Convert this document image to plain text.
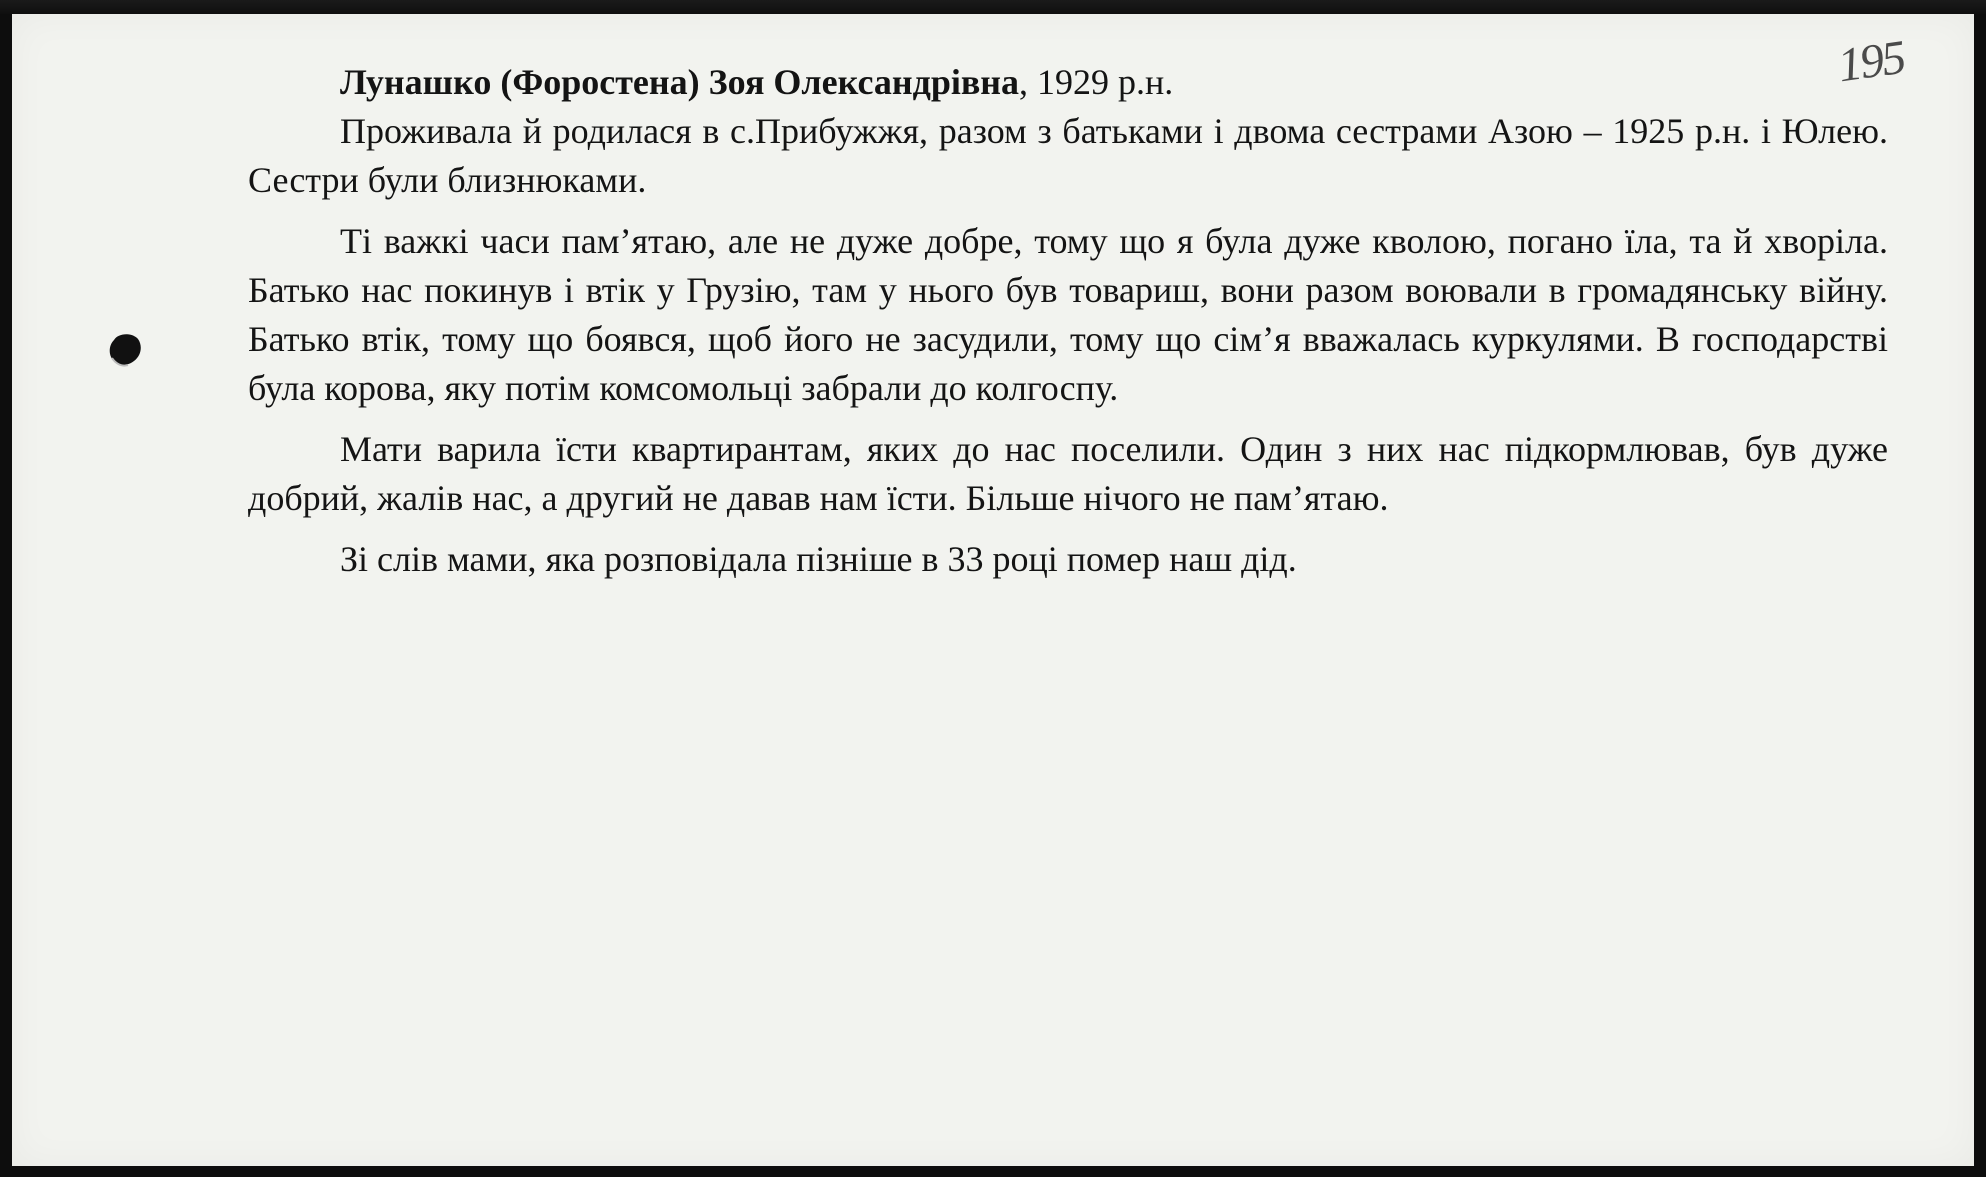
195

Лунашко (Форостена) Зоя Олександрівна, 1929 р.н.

Проживала й родилася в с.Прибужжя, разом з батьками і двома сестрами Азою – 1925 р.н. і Юлею. Сестри були близнюками.

Ті важкі часи пам’ятаю, але не дуже добре, тому що я була дуже кволою, погано їла, та й хворіла. Батько нас покинув і втік у Грузію, там у нього був товариш, вони разом воювали в громадянську війну. Батько втік, тому що боявся, щоб його не засудили, тому що сім’я вважалась куркулями. В господарстві була корова, яку потім комсомольці забрали до колгоспу.

Мати варила їсти квартирантам, яких до нас поселили. Один з них нас підкормлював, був дуже добрий, жалів нас, а другий не давав нам їсти. Більше нічого не пам’ятаю.

Зі слів мами, яка розповідала пізніше в 33 році помер наш дід.
